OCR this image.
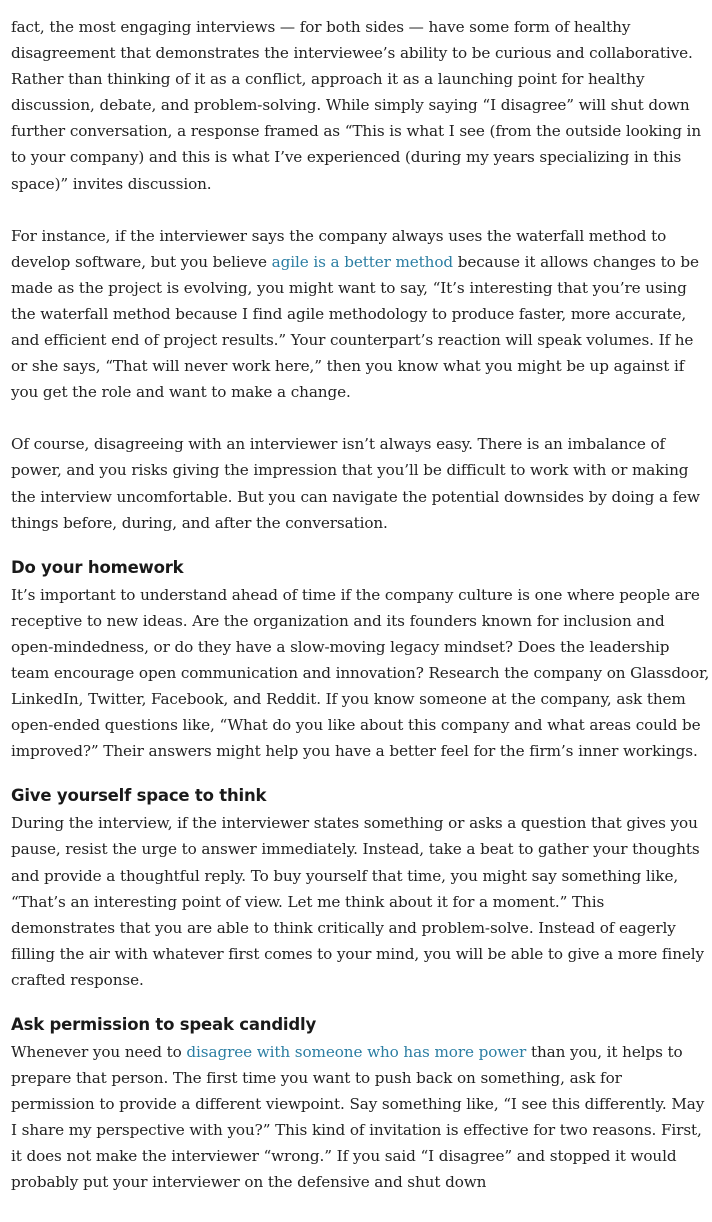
fact, the most engaging interviews — for both sides — have some form of healthy disagreement that demonstrates the interviewee’s ability to be curious and collaborative. Rather than thinking of it as a conflict, approach it as a launching point for healthy discussion, debate, and problem-solving. While simply saying “I disagree” will shut down further conversation, a response framed as “This is what I see (from the outside looking in to your company) and this is what I’ve experienced (during my years specializing in this space)” invites discussion.

For instance, if the interviewer says the company always uses the waterfall method to develop software, but you believe agile is a better method because it allows changes to be made as the project is evolving, you might want to say, “It’s interesting that you’re using the waterfall method because I find agile methodology to produce faster, more accurate, and efficient end of project results.” Your counterpart’s reaction will speak volumes. If he or she says, “That will never work here,” then you know what you might be up against if you get the role and want to make a change.

Of course, disagreeing with an interviewer isn’t always easy. There is an imbalance of power, and you risks giving the impression that you’ll be difficult to work with or making the interview uncomfortable. But you can navigate the potential downsides by doing a few things before, during, and after the conversation.

Do your homework

It’s important to understand ahead of time if the company culture is one where people are receptive to new ideas. Are the organization and its founders known for inclusion and open-mindedness, or do they have a slow-moving legacy mindset? Does the leadership team encourage open communication and innovation? Research the company on Glassdoor, LinkedIn, Twitter, Facebook, and Reddit. If you know someone at the company, ask them open-ended questions like, “What do you like about this company and what areas could be improved?” Their answers might help you have a better feel for the firm’s inner workings.

Give yourself space to think

During the interview, if the interviewer states something or asks a question that gives you pause, resist the urge to answer immediately. Instead, take a beat to gather your thoughts and provide a thoughtful reply. To buy yourself that time, you might say something like, “That’s an interesting point of view. Let me think about it for a moment.” This demonstrates that you are able to think critically and problem-solve. Instead of eagerly filling the air with whatever first comes to your mind, you will be able to give a more finely crafted response.

Ask permission to speak candidly

Whenever you need to disagree with someone who has more power than you, it helps to prepare that person. The first time you want to push back on something, ask for permission to provide a different viewpoint. Say something like, “I see this differently. May I share my perspective with you?” This kind of invitation is effective for two reasons. First, it does not make the interviewer “wrong.” If you said “I disagree” and stopped it would probably put your interviewer on the defensive and shut down
